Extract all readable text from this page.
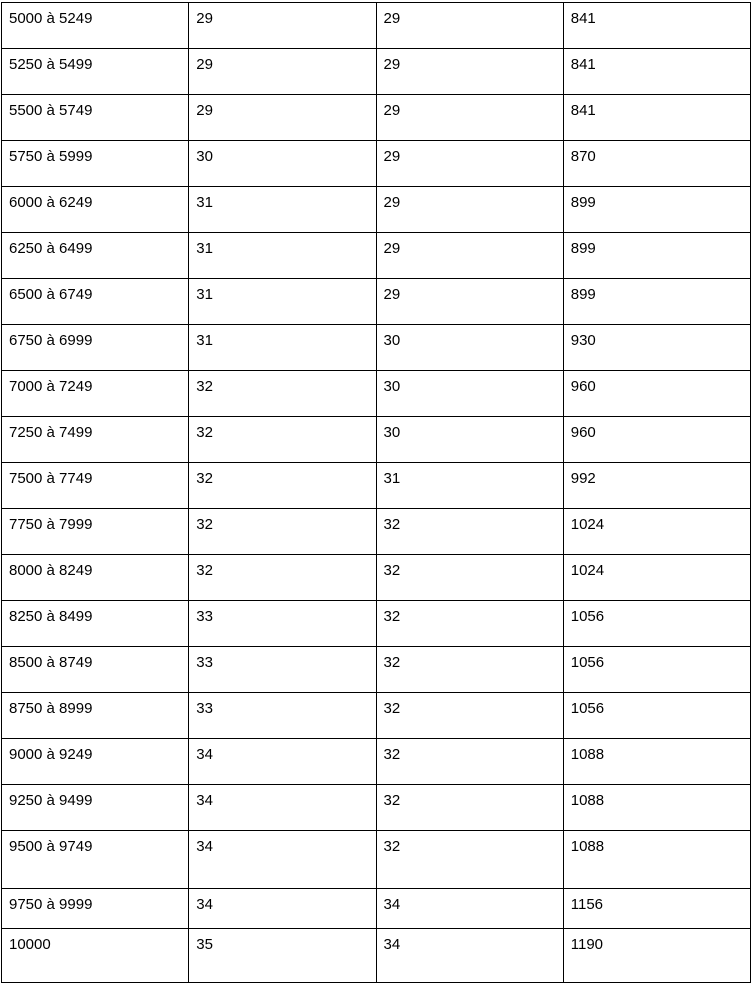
5000 à 5249	29	29	841
5250 à 5499	29	29	841
5500 à 5749	29	29	841
5750 à 5999	30	29	870
6000 à 6249	31	29	899
6250 à 6499	31	29	899
6500 à 6749	31	29	899
6750 à 6999	31	30	930
7000 à 7249	32	30	960
7250 à 7499	32	30	960
7500 à 7749	32	31	992
7750 à 7999	32	32	1024
8000 à 8249	32	32	1024
8250 à 8499	33	32	1056
8500 à 8749	33	32	1056
8750 à 8999	33	32	1056
9000 à 9249	34	32	1088
9250 à 9499	34	32	1088
9500 à 9749	34	32	1088
9750 à 9999	34	34	1156
10000	35	34	1190
